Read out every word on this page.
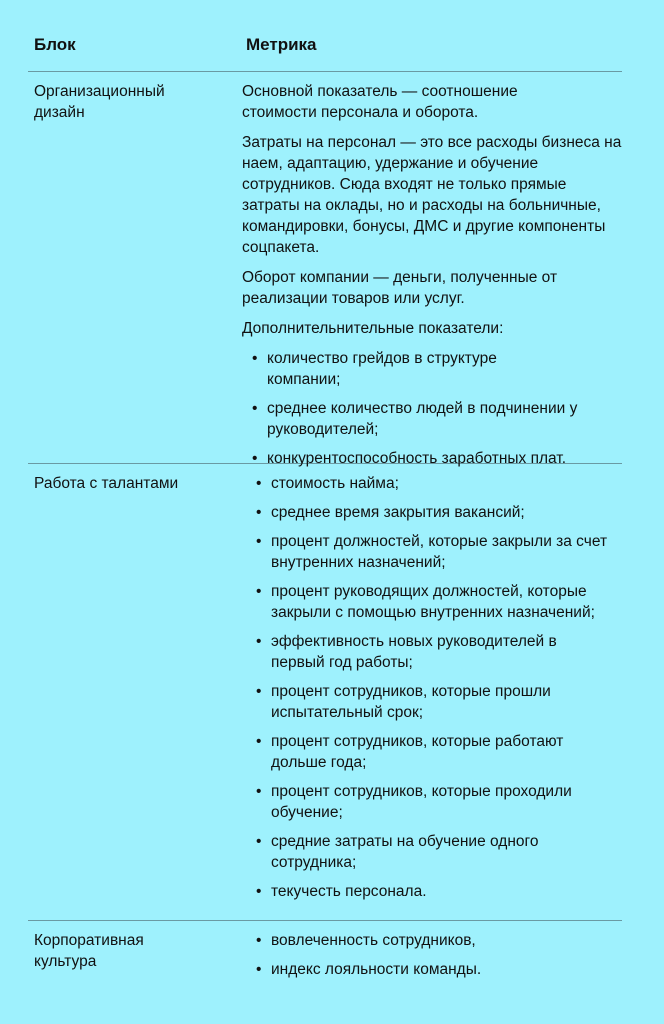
Блок	Метрика
Организационный дизайн
Основной показатель — соотношение стоимости персонала и оборота.
Затраты на персонал — это все расходы бизнеса на наем, адаптацию, удержание и обучение сотрудников. Сюда входят не только прямые затраты на оклады, но и расходы на больничные, командировки, бонусы, ДМС и другие компоненты соцпакета.
Оборот компании — деньги, полученные от реализации товаров или услуг.
Дополнительнительные показатели:
• количество грейдов в структуре компании;
• среднее количество людей в подчинении у руководителей;
• конкурентоспособность заработных плат.
Работа с талантами	• стоимость найма;
• среднее время закрытия вакансий;
• процент должностей, которые закрыли за счет внутренних назначений;
• процент руководящих должностей, которые закрыли с помощью внутренних назначений;
• эффективность новых руководителей в первый год работы;
• процент сотрудников, которые прошли испытательный срок;
• процент сотрудников, которые работают дольше года;
• процент сотрудников, которые проходили обучение;
• средние затраты на обучение одного сотрудника;
• текучесть персонала.
Корпоративная культура
• вовлеченность сотрудников,
• индекс лояльности команды.
